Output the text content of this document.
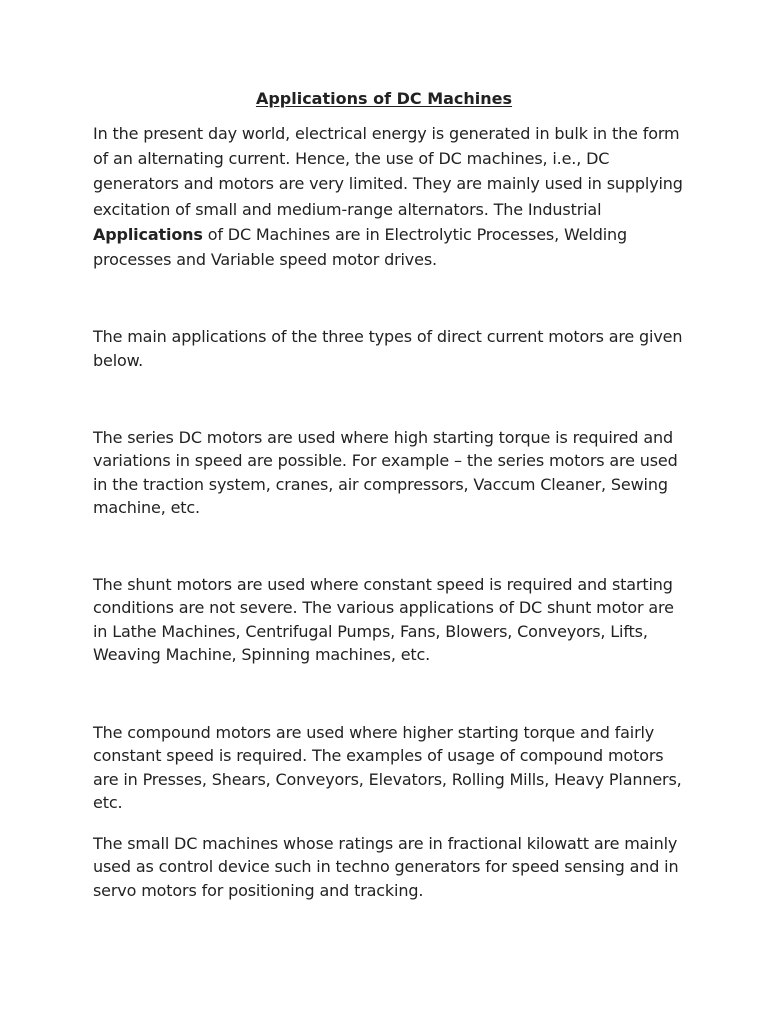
Applications of DC Machines

In the present day world, electrical energy is generated in bulk in the form of an alternating current. Hence, the use of DC machines, i.e., DC generators and motors are very limited. They are mainly used in supplying excitation of small and medium-range alternators. The Industrial Applications of DC Machines are in Electrolytic Processes, Welding processes and Variable speed motor drives.

The main applications of the three types of direct current motors are given below.

The series DC motors are used where high starting torque is required and variations in speed are possible. For example – the series motors are used in the traction system, cranes, air compressors, Vaccum Cleaner, Sewing machine, etc.

The shunt motors are used where constant speed is required and starting conditions are not severe. The various applications of DC shunt motor are in Lathe Machines, Centrifugal Pumps, Fans, Blowers, Conveyors, Lifts, Weaving Machine, Spinning machines, etc.

The compound motors are used where higher starting torque and fairly constant speed is required. The examples of usage of compound motors are in Presses, Shears, Conveyors, Elevators, Rolling Mills, Heavy Planners, etc.

The small DC machines whose ratings are in fractional kilowatt are mainly used as control device such in techno generators for speed sensing and in servo motors for positioning and tracking.
